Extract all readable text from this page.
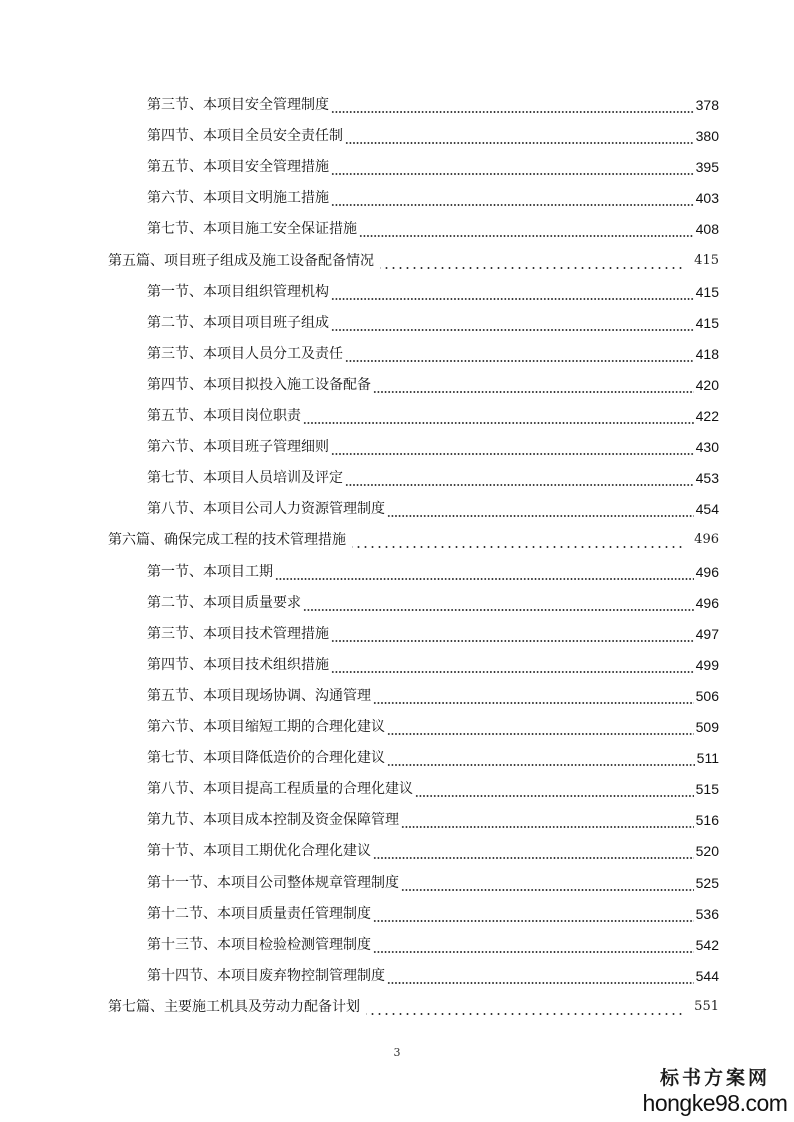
第三节、本项目安全管理制度	378
第四节、本项目全员安全责任制	380
第五节、本项目安全管理措施	395
第六节、本项目文明施工措施	403
第七节、本项目施工安全保证措施	408
第五篇、项目班子组成及施工设备配备情况	415
第一节、本项目组织管理机构	415
第二节、本项目项目班子组成	415
第三节、本项目人员分工及责任	418
第四节、本项目拟投入施工设备配备	420
第五节、本项目岗位职责	422
第六节、本项目班子管理细则	430
第七节、本项目人员培训及评定	453
第八节、本项目公司人力资源管理制度	454
第六篇、确保完成工程的技术管理措施	496
第一节、本项目工期	496
第二节、本项目质量要求	496
第三节、本项目技术管理措施	497
第四节、本项目技术组织措施	499
第五节、本项目现场协调、沟通管理	506
第六节、本项目缩短工期的合理化建议	509
第七节、本项目降低造价的合理化建议	511
第八节、本项目提高工程质量的合理化建议	515
第九节、本项目成本控制及资金保障管理	516
第十节、本项目工期优化合理化建议	520
第十一节、本项目公司整体规章管理制度	525
第十二节、本项目质量责任管理制度	536
第十三节、本项目检验检测管理制度	542
第十四节、本项目废弃物控制管理制度	544
第七篇、主要施工机具及劳动力配备计划	551
3
标书方案网
hongke98.com
